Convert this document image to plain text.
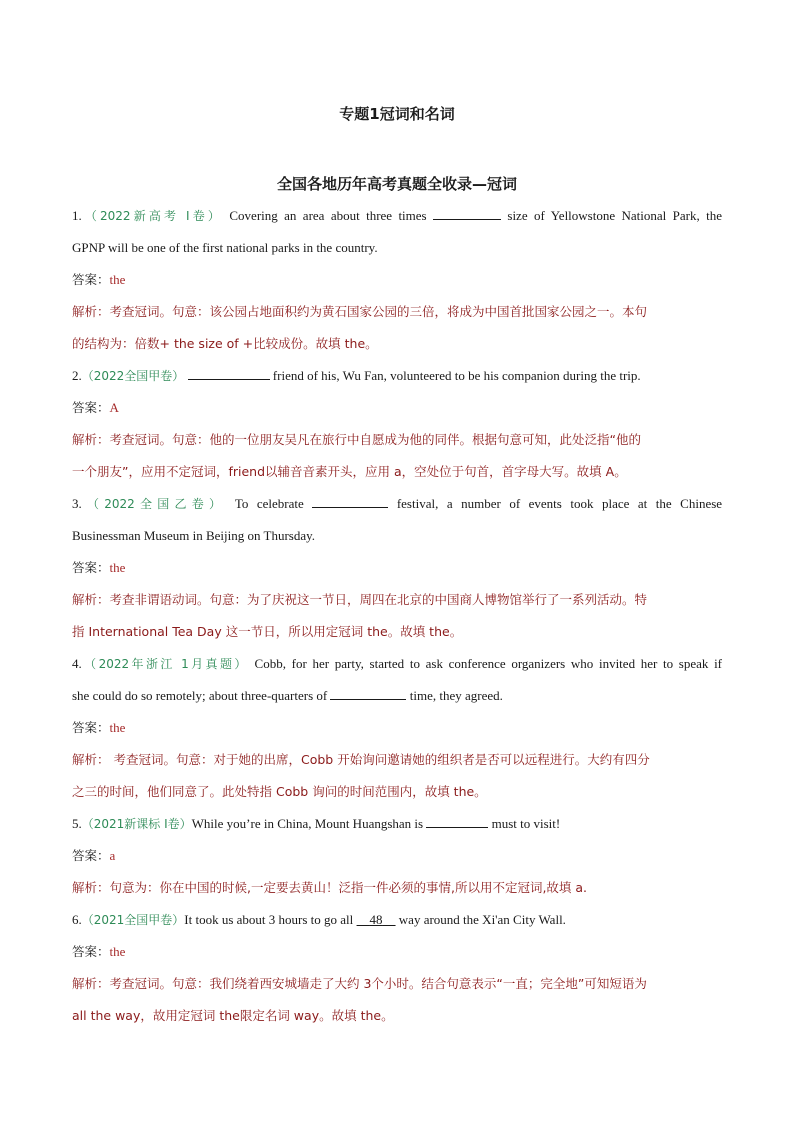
专题1冠词和名词
全国各地历年高考真题全收录—冠词
1.（2022新高考 I卷） Covering an area about three times	size of Yellowstone National Park, the
GPNP will be one of the first national parks in the country.
答案：the
解析：考查冠词。句意：该公园占地面积约为黄石国家公园的三倍，将成为中国首批国家公园之一。本句
的结构为：倍数+ the size of +比较成份。故填 the。
2.（2022全国甲卷）	friend of his, Wu Fan, volunteered to be his companion during the trip.
答案：A
解析：考查冠词。句意：他的一位朋友吴凡在旅行中自愿成为他的同伴。根据句意可知，此处泛指“他的
一个朋友”，应用不定冠词，friend以辅音音素开头，应用 a，空处位于句首，首字母大写。故填 A。
3.（2022全国乙卷） To celebrate	festival, a number of events took place at the Chinese
Businessman Museum in Beijing on Thursday.
答案：the
解析：考查非谓语动词。句意：为了庆祝这一节日，周四在北京的中国商人博物馆举行了一系列活动。特
指 International Tea Day 这一节日，所以用定冠词 the。故填 the。
4.（2022年浙江 1月真题） Cobb, for her party, started to ask conference organizers who invited her to speak if
she could do so remotely; about three-quarters of	time, they agreed.
答案：the
解析： 考查冠词。句意：对于她的出席，Cobb 开始询问邀请她的组织者是否可以远程进行。大约有四分
之三的时间，他们同意了。此处特指 Cobb 询问的时间范围内，故填 the。
5.（2021新课标 I卷）While you’re in China, Mount Huangshan is	must to visit!
答案：a
解析：句意为：你在中国的时候,一定要去黄山！泛指一件必须的事情,所以用不定冠词,故填 a.
6.（2021全国甲卷）It took us about 3 hours to go all 48 way around the Xi'an City Wall.
答案：the
解析：考查冠词。句意：我们绕着西安城墙走了大约 3个小时。结合句意表示“一直；完全地”可知短语为
all the way，故用定冠词 the限定名词 way。故填 the。
